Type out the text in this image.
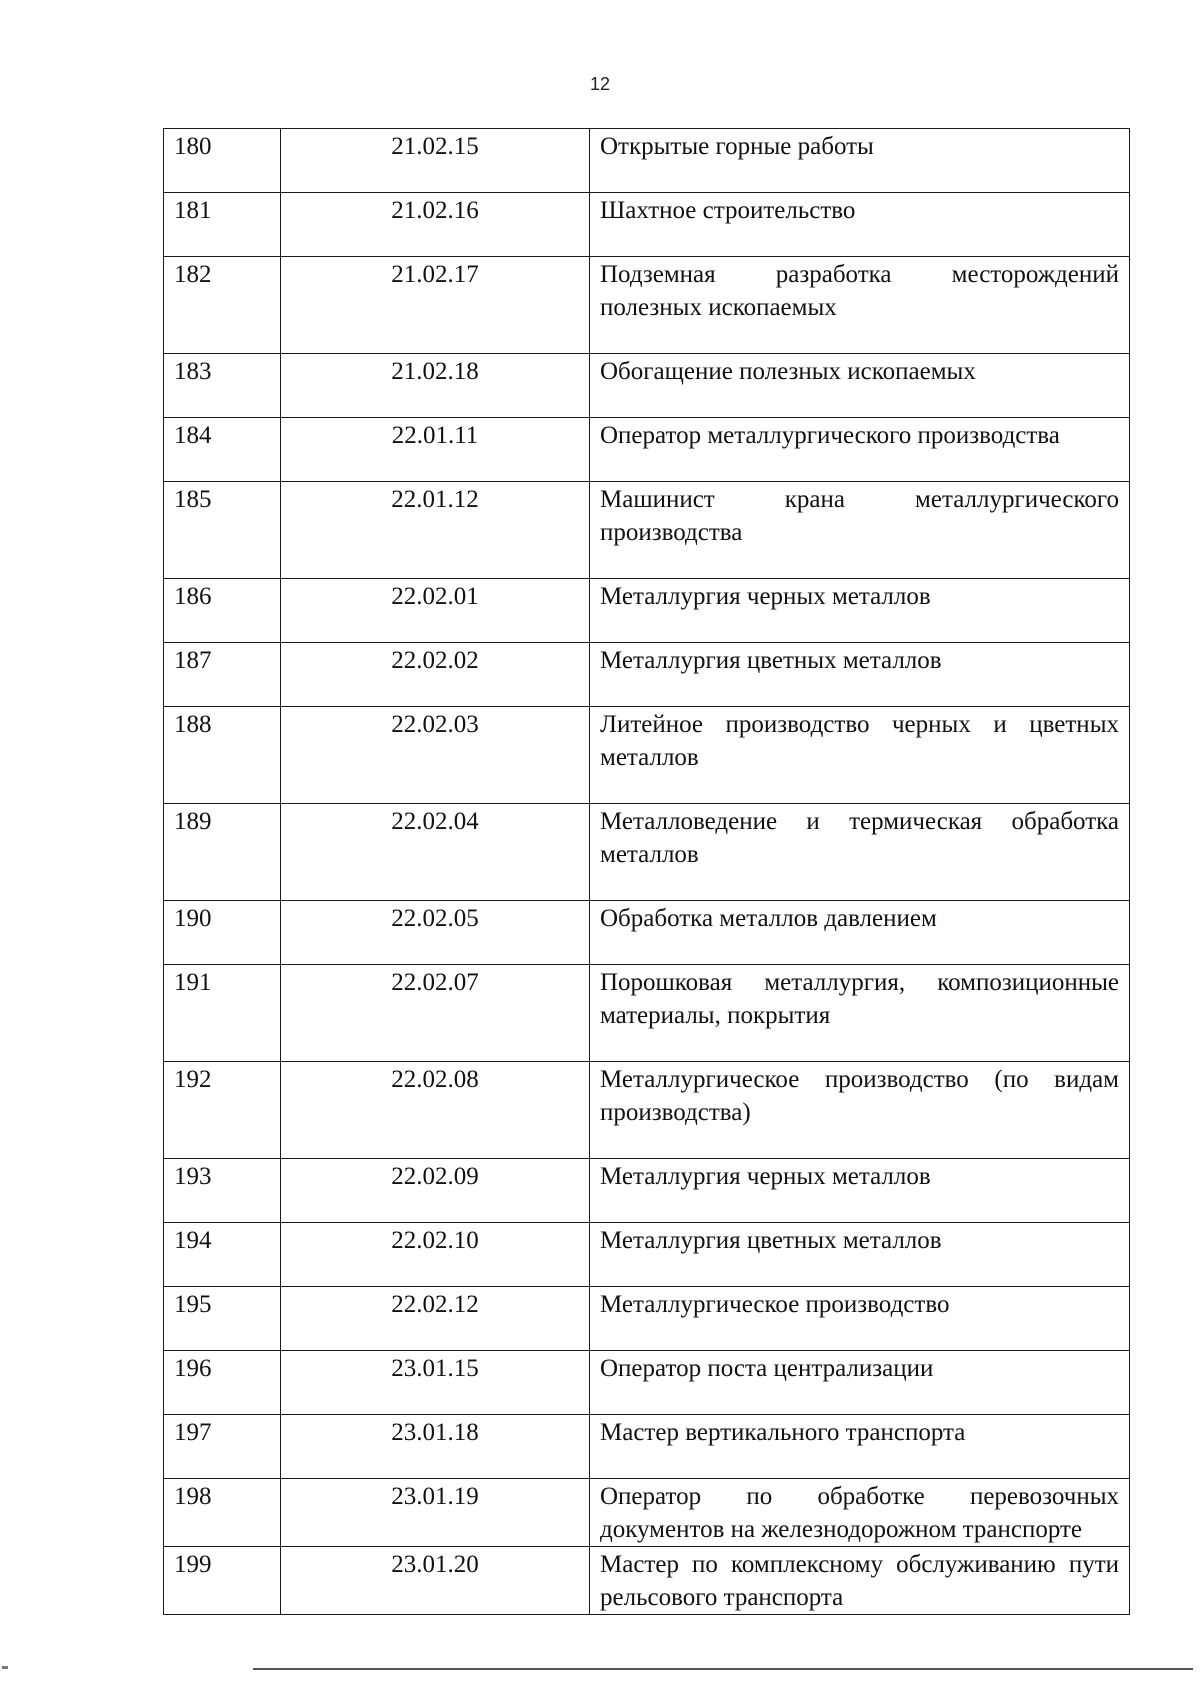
12
180	21.02.15	Открытые горные работы
181	21.02.16	Шахтное строительство
182	21.02.17	Подземная разработка месторождений полезных ископаемых
183	21.02.18	Обогащение полезных ископаемых
184	22.01.11	Оператор металлургического производства
185	22.01.12	Машинист крана металлургического производства
186	22.02.01	Металлургия черных металлов
187	22.02.02	Металлургия цветных металлов
188	22.02.03	Литейное производство черных и цветных металлов
189	22.02.04	Металловедение и термическая обработка металлов
190	22.02.05	Обработка металлов давлением
191	22.02.07	Порошковая металлургия, композиционные материалы, покрытия
192	22.02.08	Металлургическое производство (по видам производства)
193	22.02.09	Металлургия черных металлов
194	22.02.10	Металлургия цветных металлов
195	22.02.12	Металлургическое производство
196	23.01.15	Оператор поста централизации
197	23.01.18	Мастер вертикального транспорта
198	23.01.19	Оператор по обработке перевозочных документов на железнодорожном транспорте
199	23.01.20	Мастер по комплексному обслуживанию пути рельсового транспорта
